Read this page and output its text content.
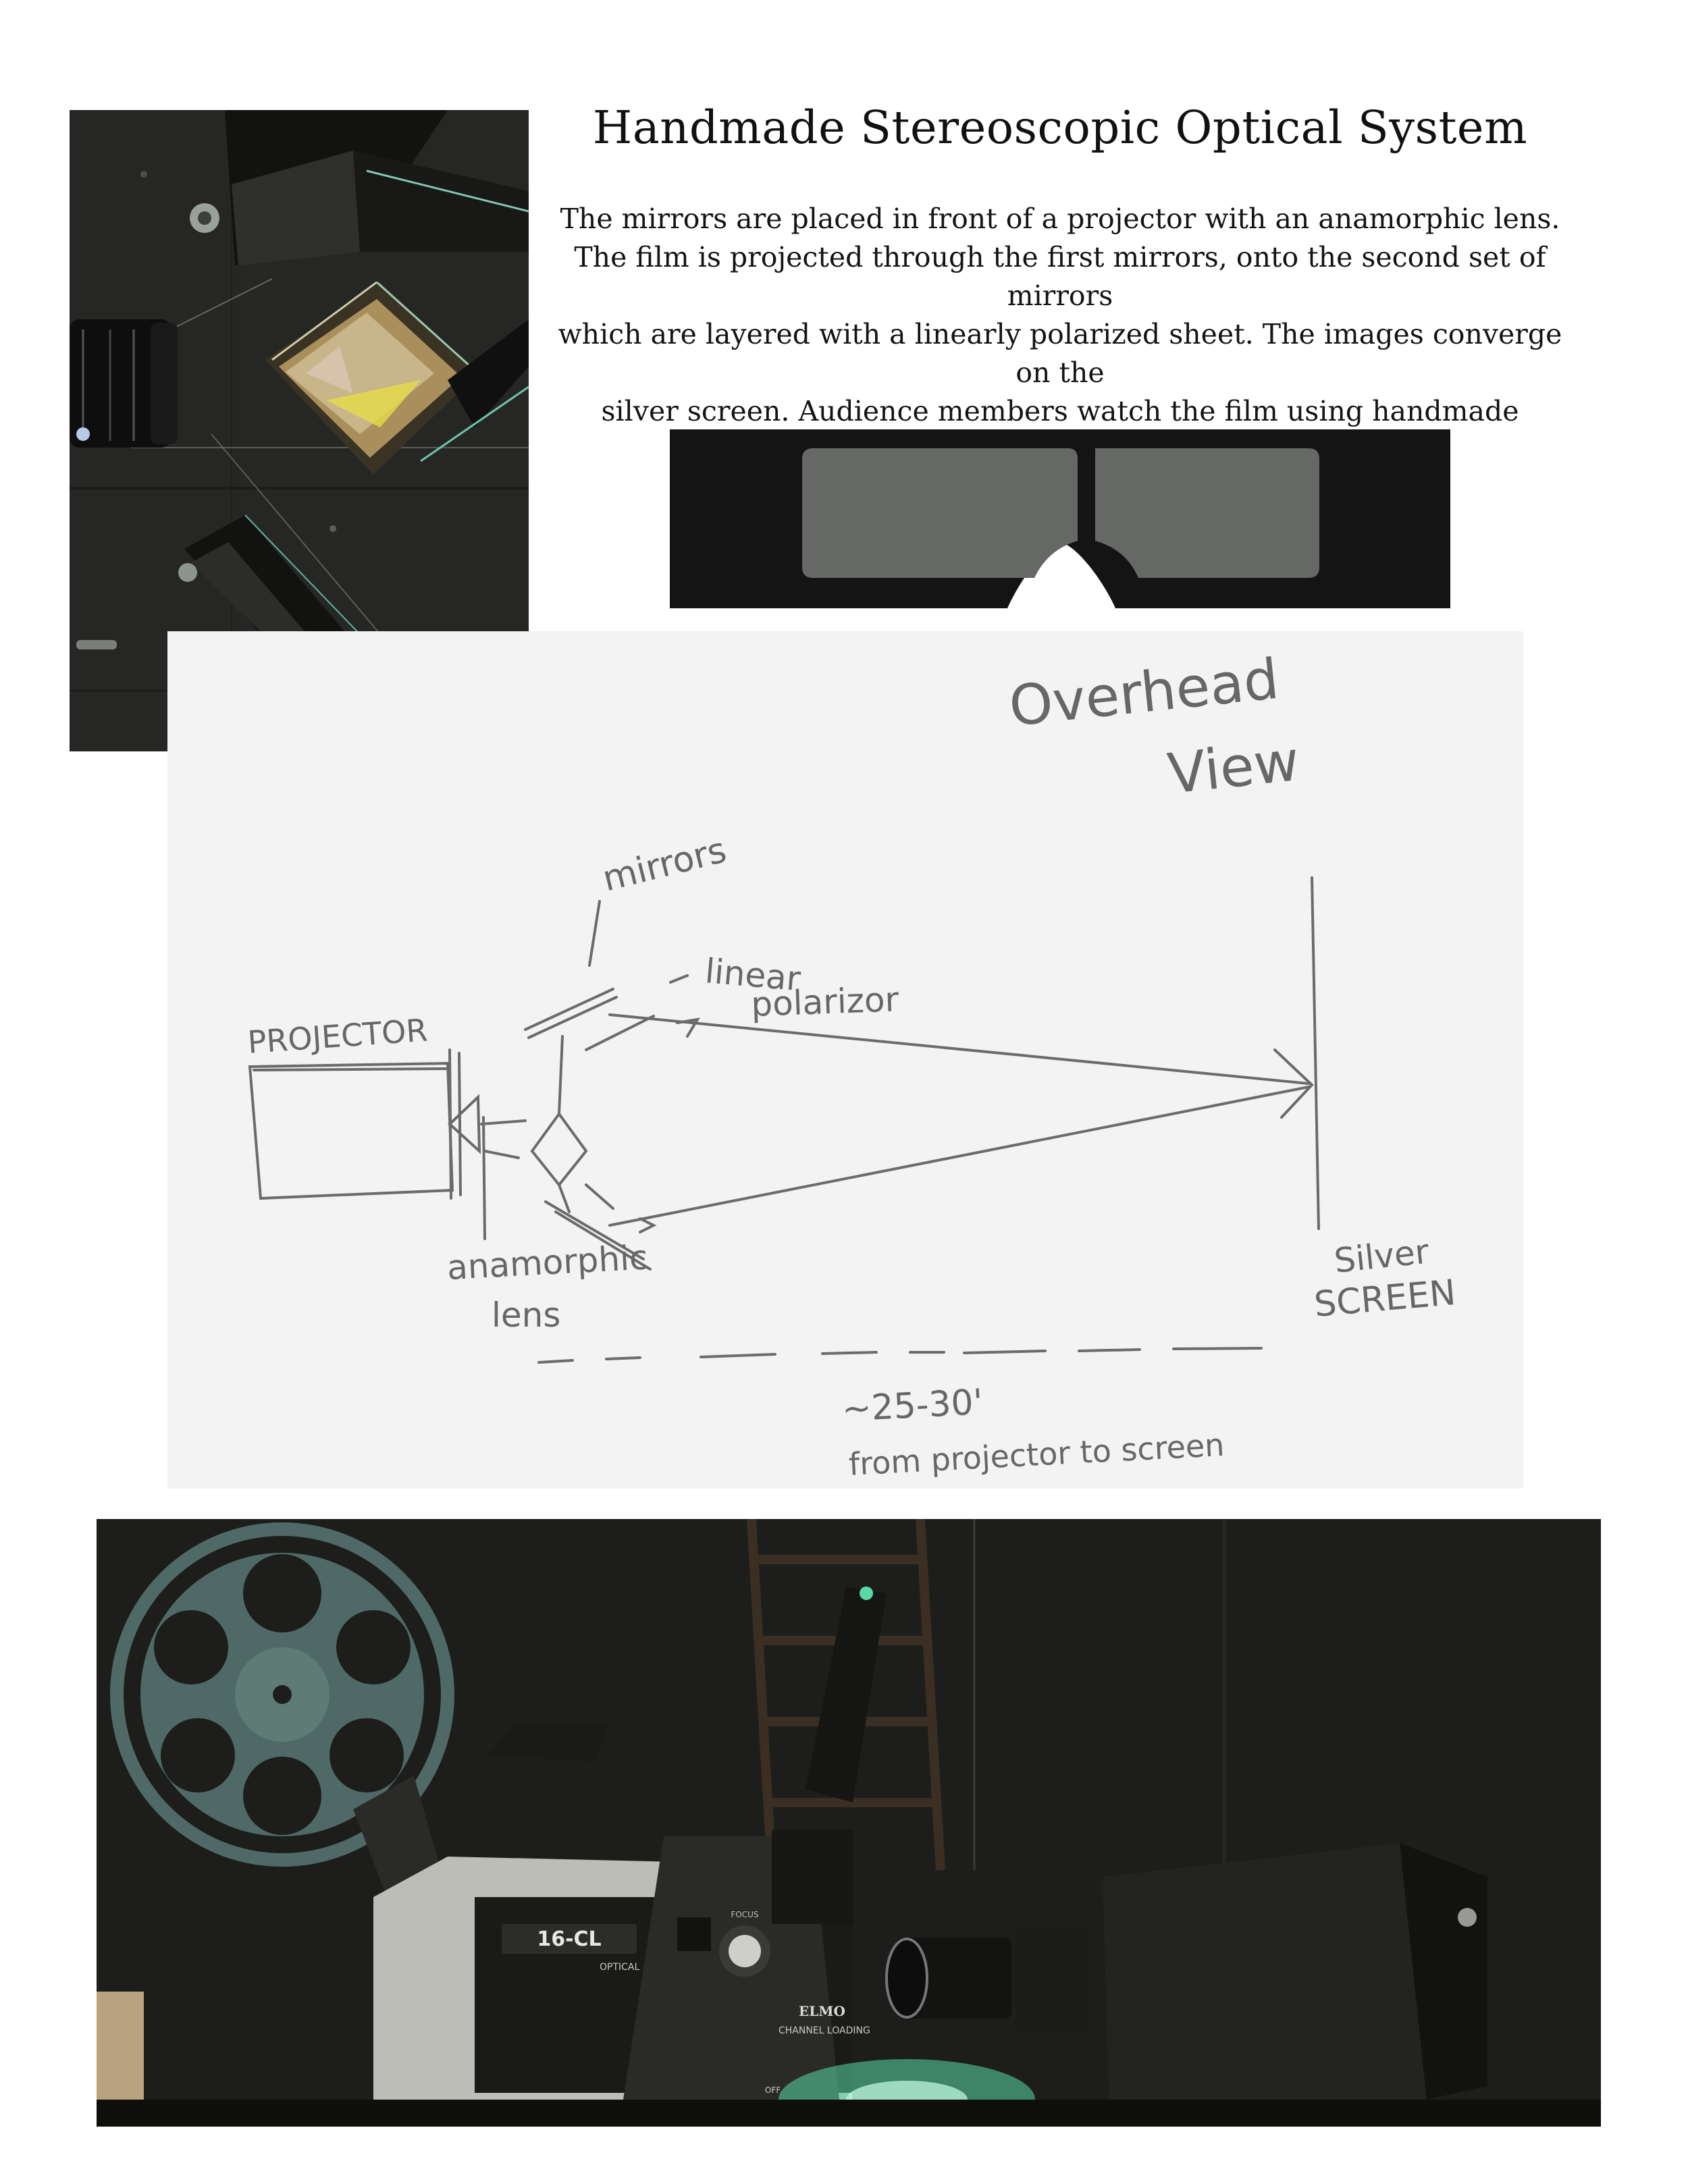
Handmade Stereoscopic Optical System
The mirrors are placed in front of a projector with an anamorphic lens.
The film is projected through the first mirrors, onto the second set of mirrors
which are layered with a linearly polarized sheet. The images converge on the
silver screen. Audience members watch the film using handmade

Overhead
View
mirrors
linear
polarizor
PROJECTOR
anamorphic
lens
Silver
SCREEN
~25-30'
from projector to screen
16-CL
OPTICAL
FOCUS
ELMO
CHANNEL LOADING
OFF
